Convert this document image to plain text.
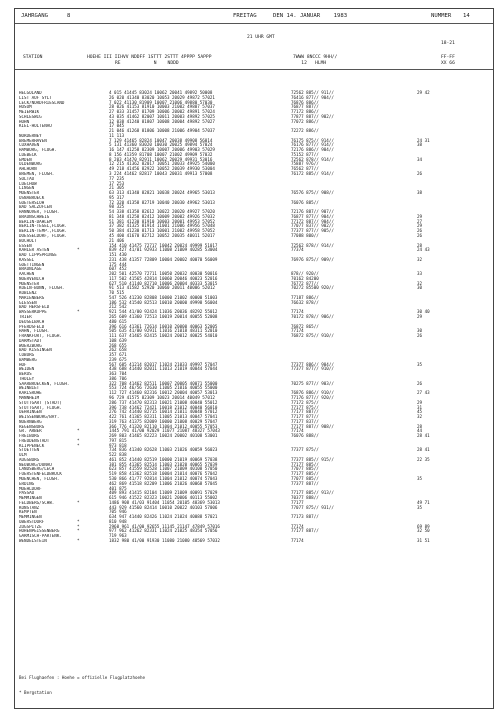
JAHRGANG

	8

	FREITAG

	DEN 14. JANUAR    1983

	NUMMER

14

21 UHR GMT
18-21
STATION	HOEHE III IIHVV NDDFF 1STTT 2STTT 4PPPP 5APPP
RE            N    NDDD
7WWW 8NCCC 9HH//
12   HLMH
FF-FF
XX 66
HELGOLAND	4 015 41445 83024 10062 20041 49892 50008	72562 885// 911//	29 42
LIST AUF SYLT	26 020 41340 83020 10053 20029 49872 57021	76416 877// 904//
LECK/NORDFRIESLAND	7 022 41130 81909 10007 21006 49880 57030	76876 886//
HUSUM	28 026 41153 81910 10003 21002 49887 57037	76877 887//
MEIERWIK	27 033 31457 81709 10006 20002 49891 57024	77172 886//
SCHLESWIG	43 035 41462 82007 10011 20003 49892 57025	77877 887// 902//
HOHN	12 038 41240 81807 10008 20004 49892 57027	77072 886//
KIEL-HOLTENAU	17 045
21 046 41268 81806 10008 21006 49904 57037	72272 886//
NORDERNEY	11 113
BREMERHAVEN	7 129 41465 82824 10047 20038 49908 56014	76175 875// 914//	24 31
CUXHAVEN	5 131 41360 83020 10030 20025 49894 57024	76176 877// 914//	38
HAMBURG, FLUGH.	16 147 41258 82309 10007 20006 49903 57029	72176 886// 904//
LUEBECK	8 156 41359 81708 10007 21002 49909 57032	75152 877//
EMDEN	8 203 41470 82911 10062 20029 49931 53016	72562 878// 914//	34
OLDENBURG	12 215 41362 82017 10051 20033 49925 54000	75887 976//
AHLHORN	49 218 41456 82922 10052 20039 49930 53004	76562 877//
BREMEN, FLUGH.	3 224 41462 82817 10043 20031 49913 57008	76172 885// 914//	26
SOLTAU	77 235
LUECHOW	17 253
LINGEN	21 305
MUENSTER	63 313 41340 82821 10038 20024 49965 53013	76576 875// 908//	38
OSNABRUECK	95 317
GUETERSLOH	72 320 41358 82719 10040 20030 49962 53013	76076 885//
BAD SALZUFLEN	98 325
HANNOVER, FLUGH.	54 338 41358 82612 10022 20020 49927 57020	72176 887// 907//
BRAUNSCHWEIG	81 348 41258 82412 10009 20002 49926 57032	76877 877// 904//	29
BERLIN-DAHLEM	51 381 41230 81910 10003 20001 49953 57052	77172 887// 904//	27
BERLIN-TEGEL,FLUGH.	37 382 41325 81914 11001 21006 49956 57048	77077 837// 902//	29
BERLIN-TEMP.,FLUGH.	50 384 41230 81713 10001 21002 49958 57052	77377 877// 905//	26
DUESSELDORF, FLUGH.	45 400 41670 82712 10052 20035 40011 52017	77088 800//	26
BOCHOLT	21 406
ESSEN	154 410 41475 72717 10042 20024 49999 51017	72562 878// 914//	28
KAHLER ASTEN	*	839 427 41/01 92933 11008 21009 40285 53004	77374	24 43
BAD LIPPSPRINGE	151 430
KASSEL	231 438 41357 72809 10004 20002 40070 56009	76976 875// 909//	32
GOETTINGEN	175 444
BRAUNLAGE	607 452
AACHEN	202 501 42570 72711 10050 20032 40030 50016	878// 920//	33
NOERVENICH	117 502 41565 42814 10060 20046 40023 52016	70162 84200
MUENSTER	627 510 41140 82710 10006 20004 40333 53015	76772 877//	32
KOELN-BONN, FLUGH.	91 513 41582 52920 10060 20011 40006 52012	70272 85500 920//	30
KOBLENZ	70 515
MARIENBERG	547 526 41230 82808 10000 21002 40000 51003	77187 886//
GIESSEN	186 532 41540 82513 10010 20000 49998 56004	76632 878//
BAD HERSFELD	212 542
WASSERKUPPE	*	921 544 41/00 92424 11036 20036 48292 55012	77174	30 40
TRIER	265 609 41360 72513 10019 20014 40055 52008	70172 878// 906//	29
DEUSELBACH	480 615
PFERDSFELD	396 616 41361 72614 10010 20000 40063 52005	76872 865//
HAHN, FLUGH.	505 635 41/00 92911 11016 21018 48311 52010	77174	30
FRANKFURT, FLUGH.	111 637 41465 82415 10024 20012 40025 54010	76872 875// 910//	26
DARMSTADT	108 639
WUERZBURG	268 655
BAD KISSINGEN	262 658
COBURG	357 671
BAMBERG	239 675
HOF	567 685 41214 82017 11024 21033 49997 57047	77377 886// 904//	35
WEIDEN	438 688 41440 82011 11013 21019 40044 57044	77377 877// 910//
BERUS	363 704
THOLEY	386 706
SAARBRUECKEN, FLUGH.	322 708 41462 82511 10007 20005 40071 55000	70275 877// 903//	26
WEINBIET	553 724 46/56 72630 11005 21016 40055 55000
KARLSRUHE	112 727 41460 82316 10012 20004 40057 53013	76876 886// 910//	27 43
MANNHEIM	96 729 41575 82309 10023 20014 40049 57012	77176 877// 920//
STUTTGART (STADT)	286 737 41470 82313 10021 21008 40040 55012	77172 875//	29
STUTTGART, FLUGH.	396 738 41462 72421 10018 21012 40040 56010	77177 875//	31
OEHRINGEN	276 742 41440 82715 10014 21011 40048 57012	77177 887//	45
WEISSENBURG/BAY.	422 761 41365 82311 11005 21013 40047 57041	77177 877//	32
NUERNBERG	319 763 41375 82009 10000 21008 40029 57047	77177 837//
REGENSBURG	366 776 41320 82110 11004 21012 40055 57053	77177 887// 908//	28
GR. ARBER	*	1445 791 41/00 92029 11077 21087 48327 57043	77174	44
FREIBURG	269 803 41465 82223 10024 20002 40108 53001	76076 888//	28 41
FREUDENSTADT	*	797 815
KLIPPENECK	*	973 818
STOETTEN	734 836 41340 82628 11003 21026 40059 56023	77377 875//	28 41
ULM	522 838
AUGSBURG	461 852 41440 82519 10000 21019 40069 57038	77377 885// 915//	22 35
NEUBURG/DONAU	381 855 41365 82514 11003 21020 40065 57039	77177 885//
LANDSBERG/LECH	623 857 41559 82528 11007 21009 40108 57050	77077 885//
FUERSTENFELDBRUCK	519 858 41362 82518 10004 21014 40076 57042	77177 885//
MUENCHEN, FLUGH.	530 866 41/77 92814 11004 21012 40074 57043	77077 885//	35
ERDING	462 869 41518 82209 11006 21026 40068 57045	77377 887//
MUEHLDORF	401 875
PASSAU	409 893 41415 82104 11009 21009 40091 57029	77177 885// 913//
MEMMINGEN	615 946 41522 82323 10021 20006 40113 55002	70377 888//
FELDBERG/SCHW.	*	1486 908 41/03 91404 11054 20105 48369 53013	77177	49 71
KONSTANZ	443 929 41560 82414 10010 20022 40103 57006	77077 875// 931//	35
KEMPTEN	705 946
MEMMINGEN	634 947 41440 82426 11024 21024 40088 57021	77173 887//
OBERSTDORF	*	810 948
ZUGSPITZE	*	2960 961 41/00 92655 11145 21147 47849 57016	77174	69 89
HOHENPEISSENBERG	*	977 962 41262 82331 11024 21025 48354 57056	77177 887//	32 50
GARMISCH-PARTENK.	719 963
WENDELSTEIN	*	1832 980 41/00 91930 11080 21080 48569 57032	77174	31 51

Bei Flughaefen : Hoehe = offizielle Flugplatzhoehe

* Bergstation
